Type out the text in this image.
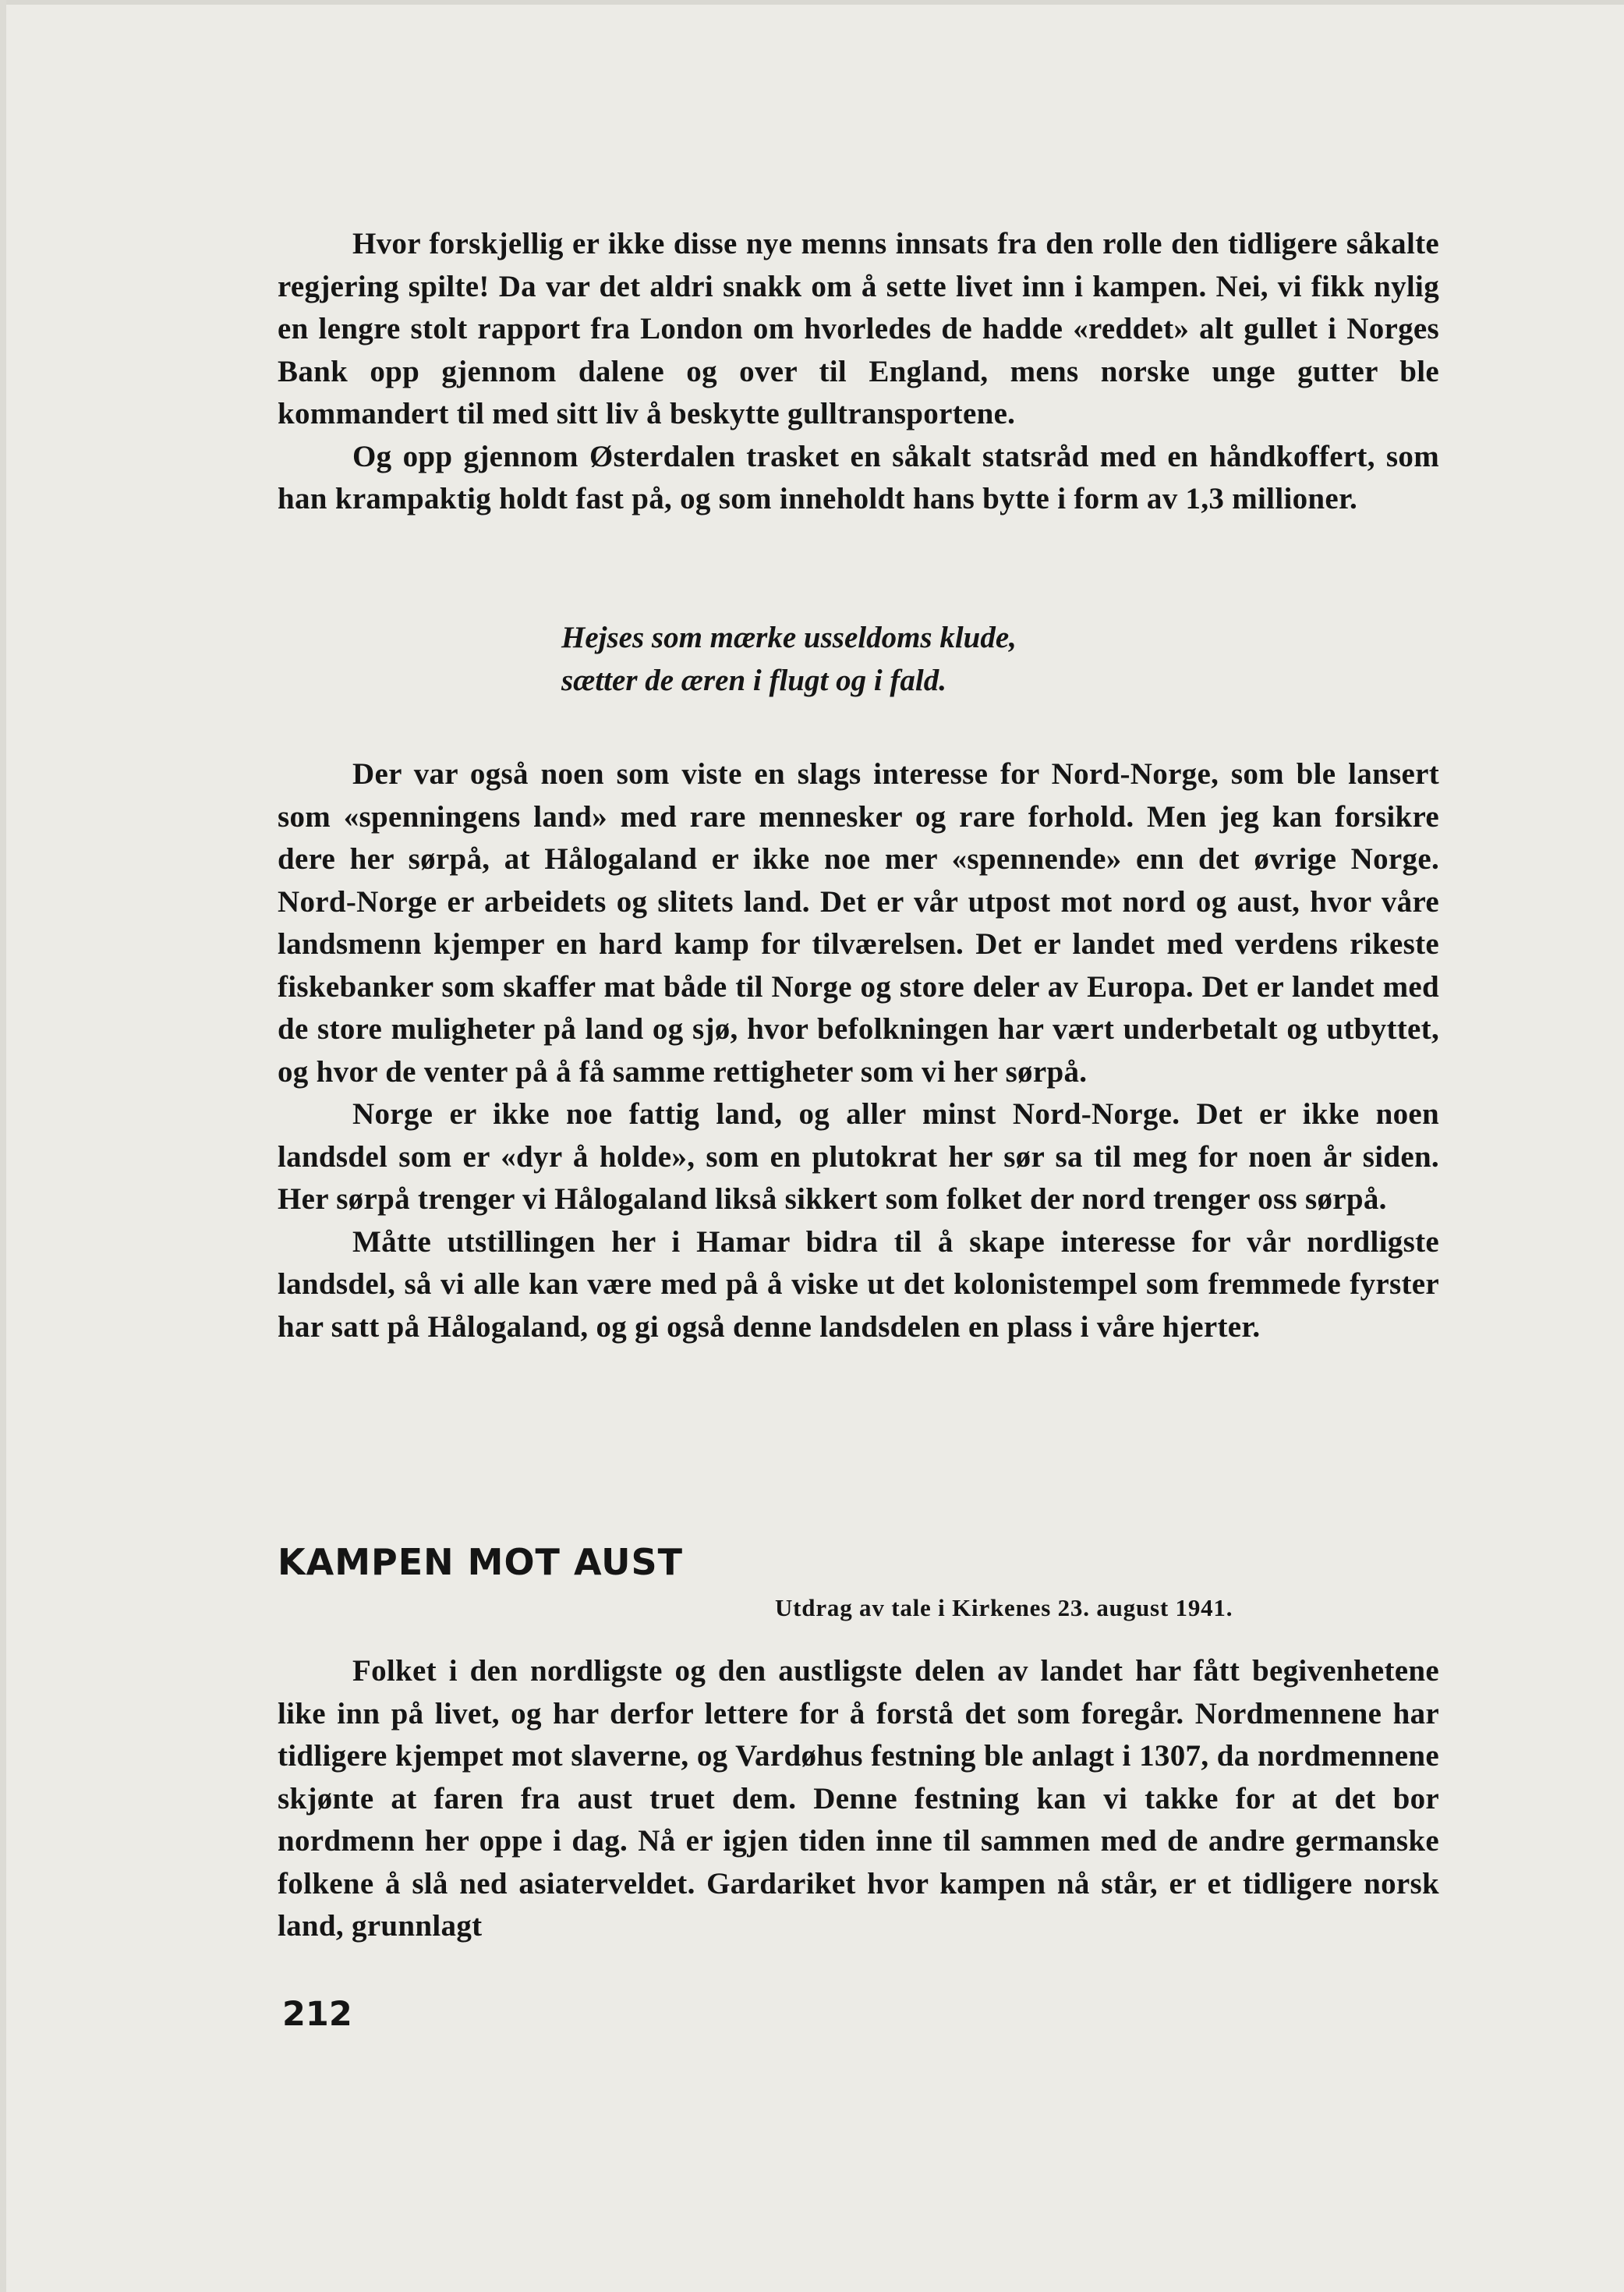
Hvor forskjellig er ikke disse nye menns innsats fra den rolle den tidligere såkalte regjering spilte! Da var det aldri snakk om å sette livet inn i kampen. Nei, vi fikk nylig en lengre stolt rapport fra London om hvorledes de hadde «reddet» alt gullet i Norges Bank opp gjennom dalene og over til England, mens norske unge gutter ble kommandert til med sitt liv å beskytte gulltransportene.

Og opp gjennom Østerdalen trasket en såkalt statsråd med en håndkoffert, som han krampaktig holdt fast på, og som inneholdt hans bytte i form av 1,3 millioner.

Hejses som mærke usseldoms klude,
sætter de æren i flugt og i fald.

Der var også noen som viste en slags interesse for Nord-Norge, som ble lansert som «spenningens land» med rare mennesker og rare forhold. Men jeg kan forsikre dere her sørpå, at Hålogaland er ikke noe mer «spennende» enn det øvrige Norge. Nord-Norge er arbeidets og slitets land. Det er vår utpost mot nord og aust, hvor våre landsmenn kjemper en hard kamp for tilværelsen. Det er landet med verdens rikeste fiskebanker som skaffer mat både til Norge og store deler av Europa. Det er landet med de store muligheter på land og sjø, hvor befolkningen har vært underbetalt og utbyttet, og hvor de venter på å få samme rettigheter som vi her sørpå.

Norge er ikke noe fattig land, og aller minst Nord-Norge. Det er ikke noen landsdel som er «dyr å holde», som en plutokrat her sør sa til meg for noen år siden. Her sørpå trenger vi Hålogaland likså sikkert som folket der nord trenger oss sørpå.

Måtte utstillingen her i Hamar bidra til å skape interesse for vår nordligste landsdel, så vi alle kan være med på å viske ut det kolonistempel som fremmede fyrster har satt på Hålogaland, og gi også denne landsdelen en plass i våre hjerter.

KAMPEN MOT AUST
Utdrag av tale i Kirkenes 23. august 1941.

Folket i den nordligste og den austligste delen av landet har fått begivenhetene like inn på livet, og har derfor lettere for å forstå det som foregår. Nordmennene har tidligere kjempet mot slaverne, og Vardøhus festning ble anlagt i 1307, da nordmennene skjønte at faren fra aust truet dem. Denne festning kan vi takke for at det bor nordmenn her oppe i dag. Nå er igjen tiden inne til sammen med de andre germanske folkene å slå ned asiaterveldet. Gardariket hvor kampen nå står, er et tidligere norsk land, grunnlagt

212
